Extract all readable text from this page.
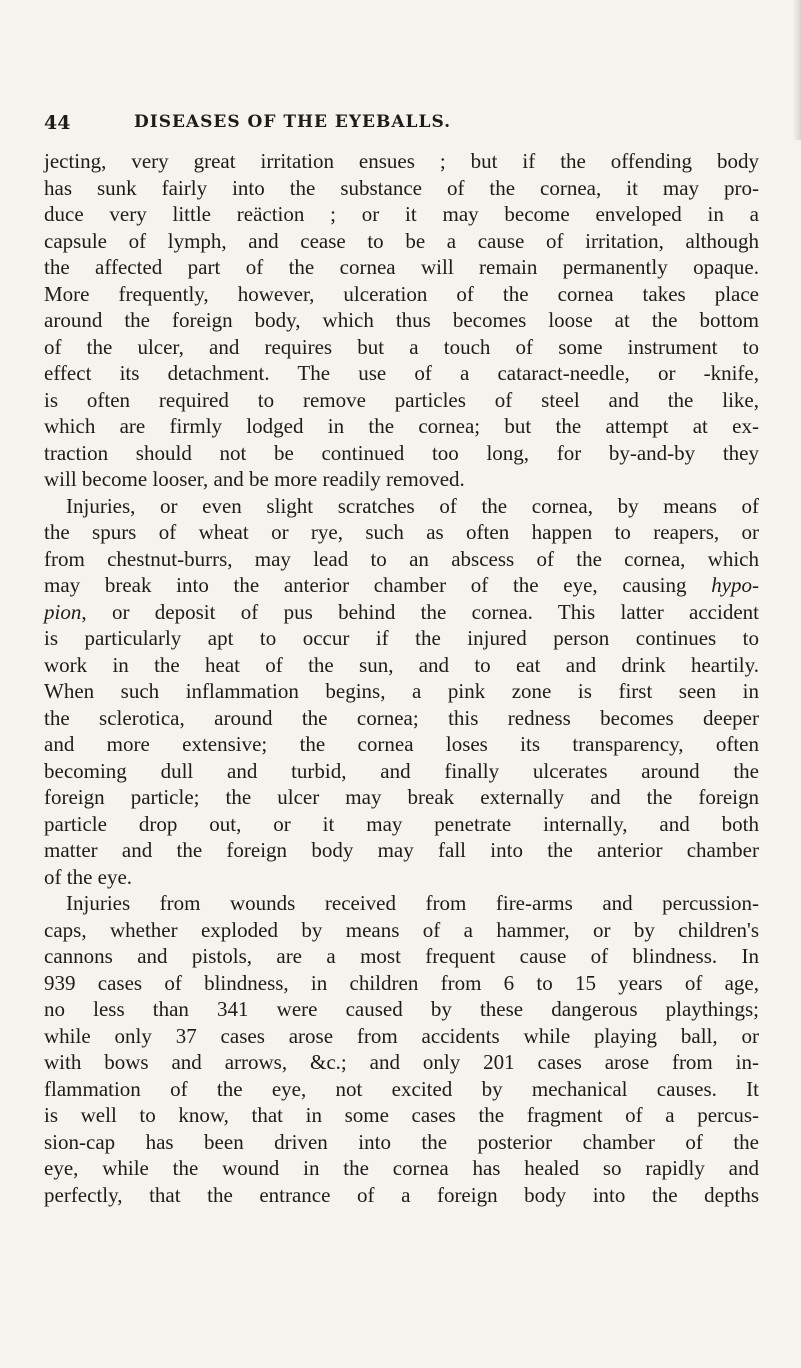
44	DISEASES OF THE EYEBALLS.
jecting, very great irritation ensues ; but if the offending body
has sunk fairly into the substance of the cornea, it may pro-
duce very little reäction ; or it may become enveloped in a
capsule of lymph, and cease to be a cause of irritation, although
the affected part of the cornea will remain permanently opaque.
More frequently, however, ulceration of the cornea takes place
around the foreign body, which thus becomes loose at the bottom
of the ulcer, and requires but a touch of some instrument to
effect its detachment. The use of a cataract-needle, or -knife,
is often required to remove particles of steel and the like,
which are firmly lodged in the cornea; but the attempt at ex-
traction should not be continued too long, for by-and-by they
will become looser, and be more readily removed.
Injuries, or even slight scratches of the cornea, by means of
the spurs of wheat or rye, such as often happen to reapers, or
from chestnut-burrs, may lead to an abscess of the cornea, which
may break into the anterior chamber of the eye, causing hypo-
pion, or deposit of pus behind the cornea. This latter accident
is particularly apt to occur if the injured person continues to
work in the heat of the sun, and to eat and drink heartily.
When such inflammation begins, a pink zone is first seen in
the sclerotica, around the cornea; this redness becomes deeper
and more extensive; the cornea loses its transparency, often
becoming dull and turbid, and finally ulcerates around the
foreign particle; the ulcer may break externally and the foreign
particle drop out, or it may penetrate internally, and both
matter and the foreign body may fall into the anterior chamber
of the eye.
Injuries from wounds received from fire-arms and percussion-
caps, whether exploded by means of a hammer, or by children's
cannons and pistols, are a most frequent cause of blindness. In
939 cases of blindness, in children from 6 to 15 years of age,
no less than 341 were caused by these dangerous playthings;
while only 37 cases arose from accidents while playing ball, or
with bows and arrows, &c.; and only 201 cases arose from in-
flammation of the eye, not excited by mechanical causes. It
is well to know, that in some cases the fragment of a percus-
sion-cap has been driven into the posterior chamber of the
eye, while the wound in the cornea has healed so rapidly and
perfectly, that the entrance of a foreign body into the depths
